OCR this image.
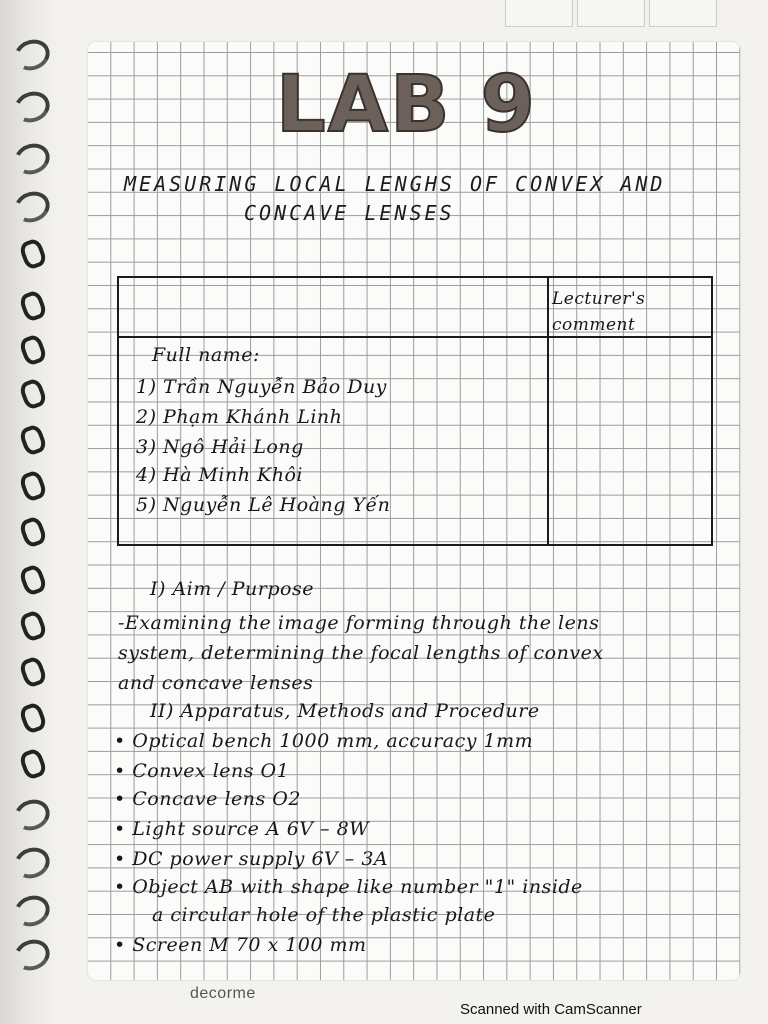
LAB 9
MEASURING LOCAL LENGHS OF CONVEX AND
CONCAVE LENSES
Lecturer's comment
Full name:
1) Trần Nguyễn Bảo Duy
2) Phạm Khánh Linh
3) Ngô Hải Long
4) Hà Minh Khôi
5) Nguyễn Lê Hoàng Yến
I) Aim / Purpose
-Examining the image forming through the lens
system, determining the focal lengths of convex
and concave lenses
II) Apparatus, Methods and Procedure
• Optical bench 1000 mm, accuracy 1mm
• Convex lens O1
• Concave lens O2
• Light source A 6V – 8W
• DC power supply 6V – 3A
• Object AB with shape like number "1" inside
a circular hole of the plastic plate
• Screen M 70 x 100 mm
decorme
Scanned with CamScanner
